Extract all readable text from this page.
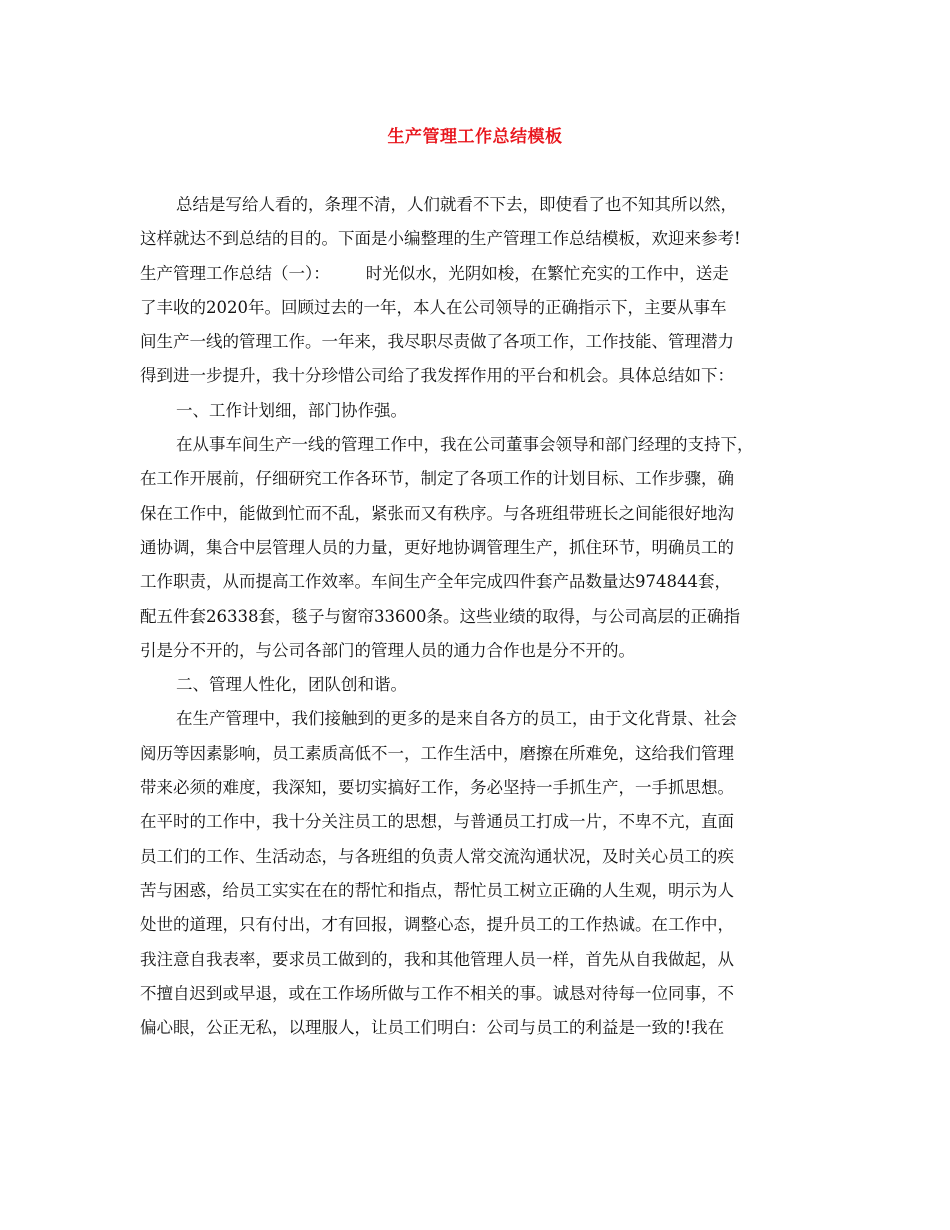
生产管理工作总结模板
总结是写给人看的，条理不清，人们就看不下去，即使看了也不知其所以然，
这样就达不到总结的目的。下面是小编整理的生产管理工作总结模板，欢迎来参考!
生产管理工作总结（一）： 时光似水，光阴如梭，在繁忙充实的工作中，送走
了丰收的2020年。回顾过去的一年，本人在公司领导的正确指示下，主要从事车
间生产一线的管理工作。一年来，我尽职尽责做了各项工作，工作技能、管理潜力
得到进一步提升，我十分珍惜公司给了我发挥作用的平台和机会。具体总结如下：
一、工作计划细，部门协作强。
在从事车间生产一线的管理工作中，我在公司董事会领导和部门经理的支持下，
在工作开展前，仔细研究工作各环节，制定了各项工作的计划目标、工作步骤，确
保在工作中，能做到忙而不乱，紧张而又有秩序。与各班组带班长之间能很好地沟
通协调，集合中层管理人员的力量，更好地协调管理生产，抓住环节，明确员工的
工作职责，从而提高工作效率。车间生产全年完成四件套产品数量达974844套，
配五件套26338套，毯子与窗帘33600条。这些业绩的取得，与公司高层的正确指
引是分不开的，与公司各部门的管理人员的通力合作也是分不开的。
二、管理人性化，团队创和谐。
在生产管理中，我们接触到的更多的是来自各方的员工，由于文化背景、社会
阅历等因素影响，员工素质高低不一，工作生活中，磨擦在所难免，这给我们管理
带来必须的难度，我深知，要切实搞好工作，务必坚持一手抓生产，一手抓思想。
在平时的工作中，我十分关注员工的思想，与普通员工打成一片，不卑不亢，直面
员工们的工作、生活动态，与各班组的负责人常交流沟通状况，及时关心员工的疾
苦与困惑，给员工实实在在的帮忙和指点，帮忙员工树立正确的人生观，明示为人
处世的道理，只有付出，才有回报，调整心态，提升员工的工作热诚。在工作中，
我注意自我表率，要求员工做到的，我和其他管理人员一样，首先从自我做起，从
不擅自迟到或早退，或在工作场所做与工作不相关的事。诚恳对待每一位同事，不
偏心眼，公正无私，以理服人，让员工们明白：公司与员工的利益是一致的!我在
